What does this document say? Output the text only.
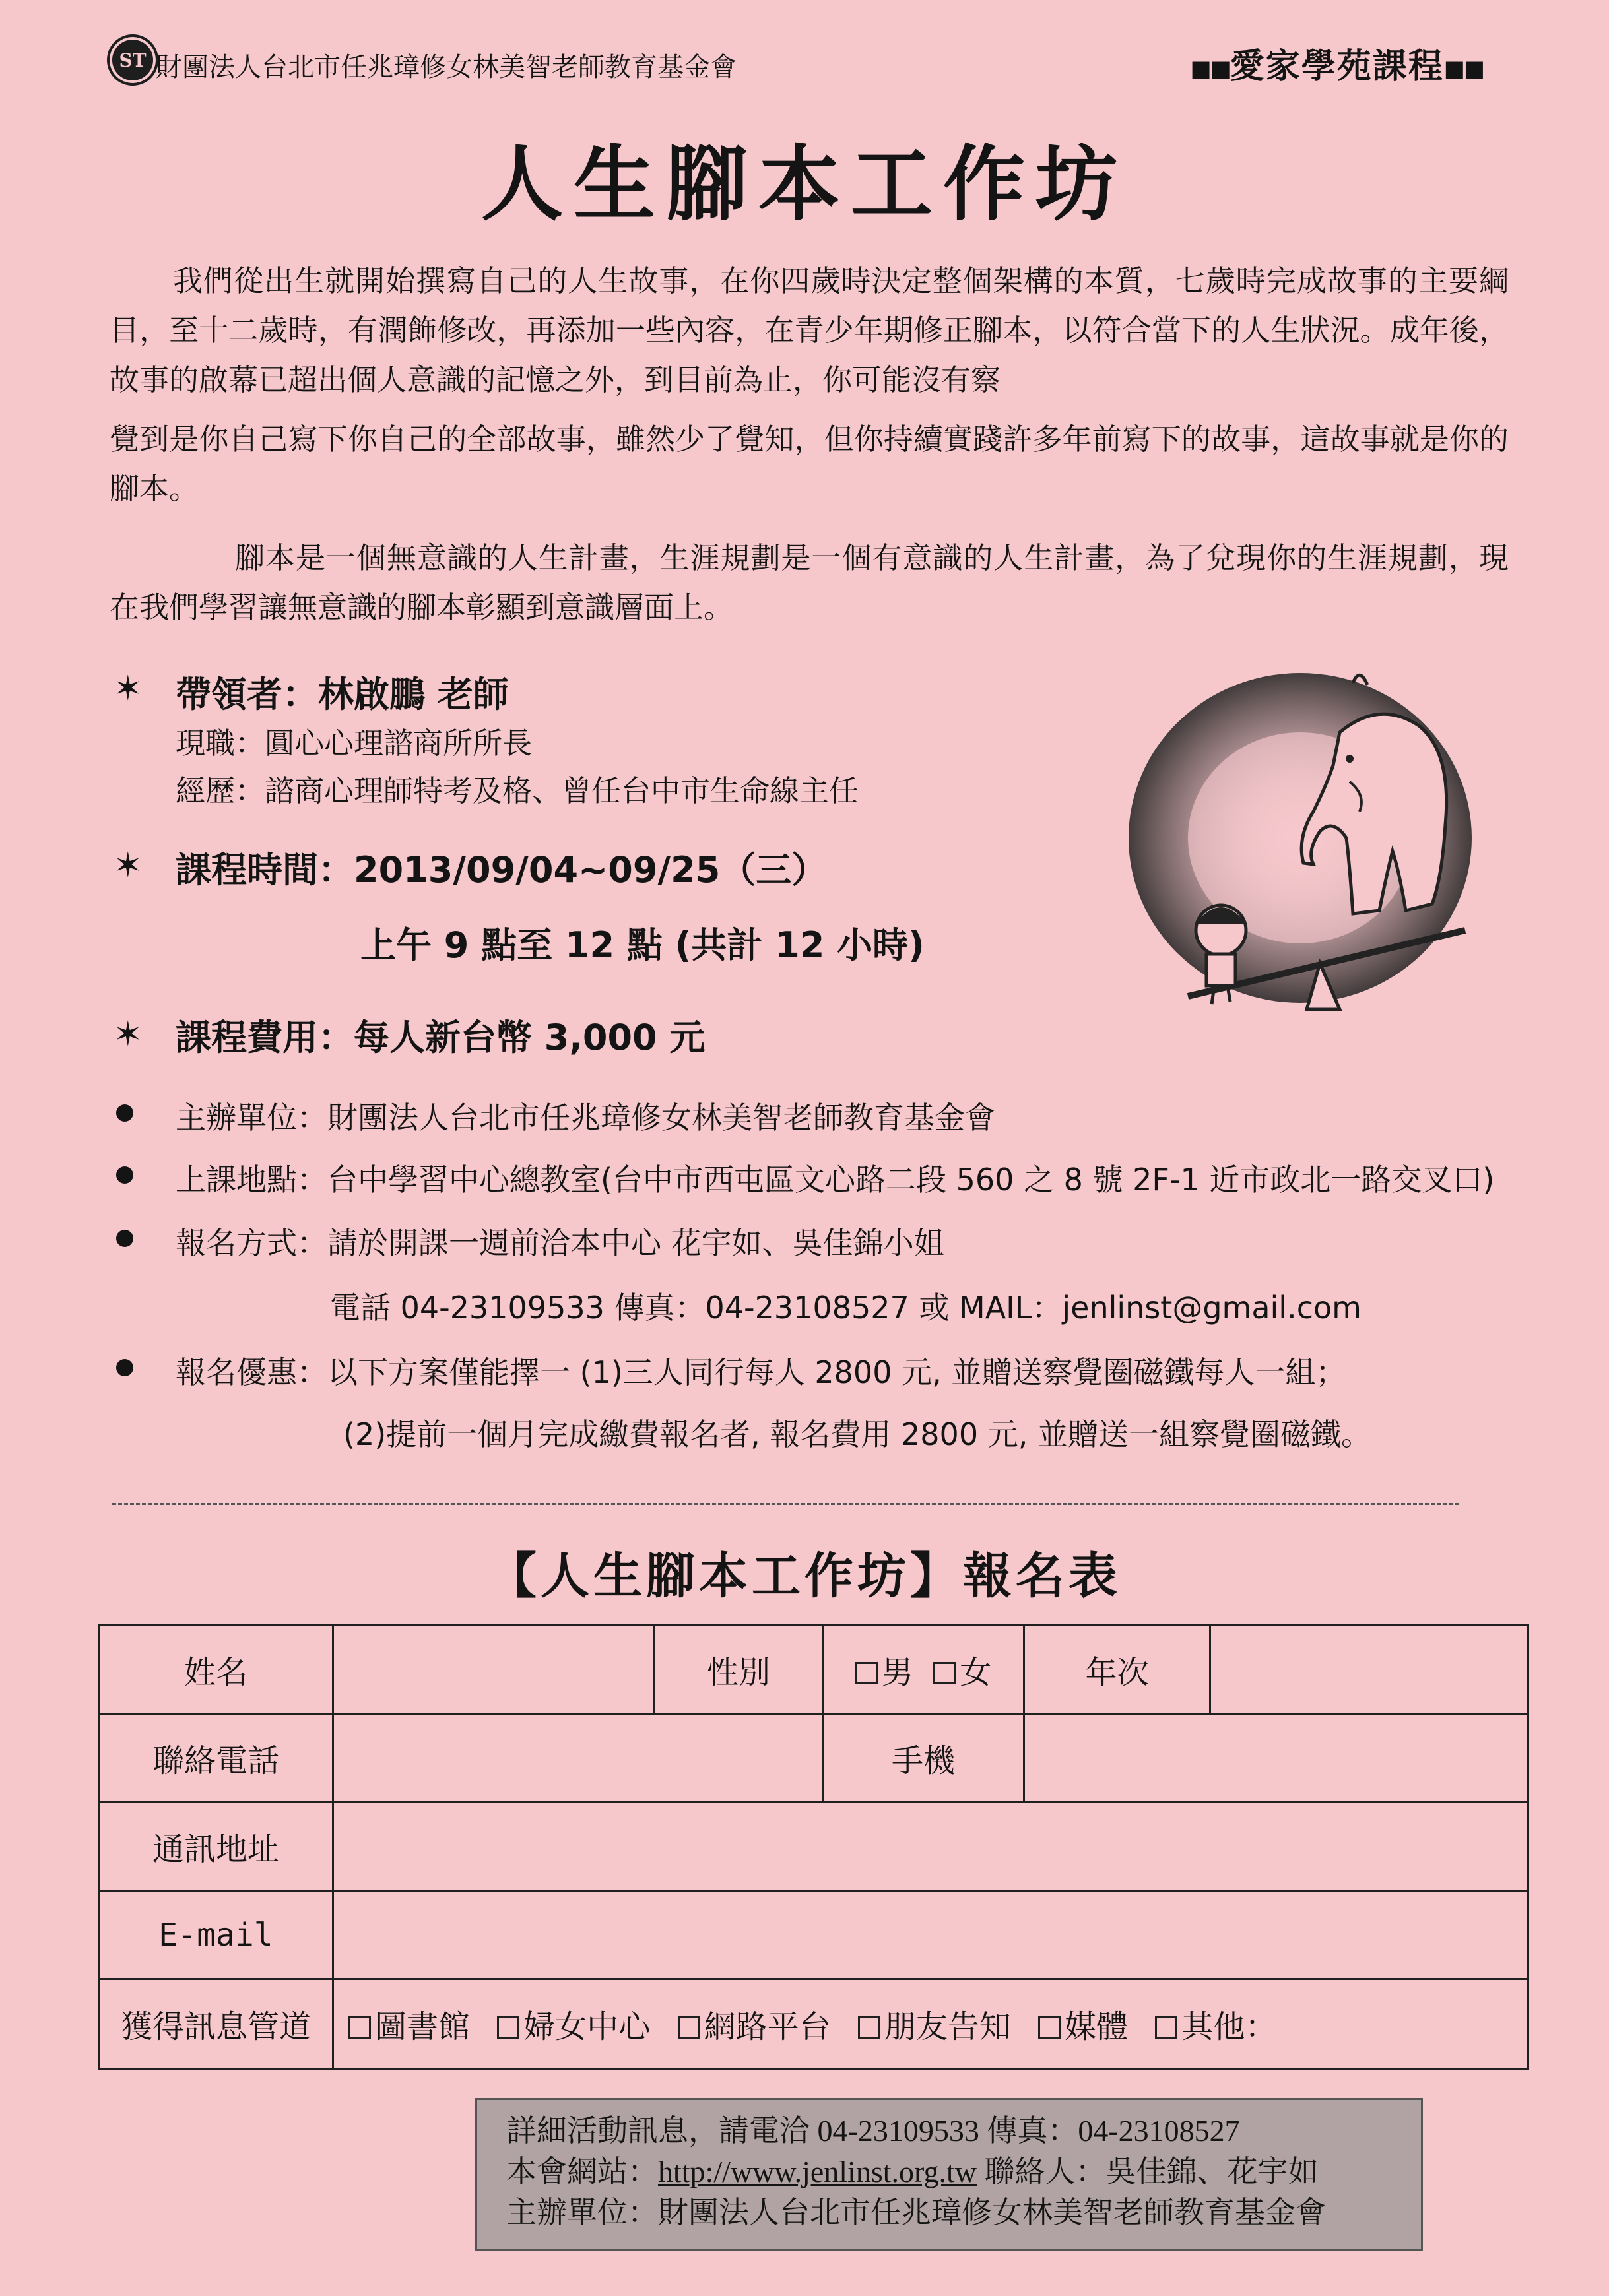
ST 財團法人台北市任兆璋修女林美智老師教育基金會	■■愛家學苑課程■■
人生腳本工作坊
我們從出生就開始撰寫自己的人生故事，在你四歲時決定整個架構的本質，七歲時完成故事的主要綱目，至十二歲時，有潤飾修改，再添加一些內容，在青少年期修正腳本，以符合當下的人生狀況。成年後，故事的啟幕已超出個人意識的記憶之外，到目前為止，你可能沒有察
覺到是你自己寫下你自己的全部故事，雖然少了覺知，但你持續實踐許多年前寫下的故事，這故事就是你的腳本。
腳本是一個無意識的人生計畫，生涯規劃是一個有意識的人生計畫，為了兌現你的生涯規劃，現在我們學習讓無意識的腳本彰顯到意識層面上。
✶ 帶領者：林啟鵬 老師
現職：圓心心理諮商所所長
經歷：諮商心理師特考及格、曾任台中市生命線主任
✶ 課程時間：2013/09/04~09/25（三）
上午 9 點至 12 點 (共計 12 小時)
✶ 課程費用：每人新台幣 3,000 元
主辦單位：財團法人台北市任兆璋修女林美智老師教育基金會
上課地點：台中學習中心總教室(台中市西屯區文心路二段 560 之 8 號 2F-1 近市政北一路交叉口)
報名方式：請於開課一週前洽本中心 花宇如、吳佳錦小姐
電話 04-23109533 傳真：04-23108527 或 MAIL：jenlinst@gmail.com
報名優惠：以下方案僅能擇一 (1)三人同行每人 2800 元, 並贈送察覺圈磁鐵每人一組；
(2)提前一個月完成繳費報名者, 報名費用 2800 元, 並贈送一組察覺圈磁鐵。
【人生腳本工作坊】報名表
姓名		性別	男 女	年次	
聯絡電話			手機		
通訊地址					
E-mail					
獲得訊息管道	圖書館 婦女中心 網路平台 朋友告知 媒體 其他：				
詳細活動訊息，請電洽 04-23109533 傳真：04-23108527
本會網站：http://www.jenlinst.org.tw 聯絡人：吳佳錦、花宇如
主辦單位：財團法人台北市任兆璋修女林美智老師教育基金會
